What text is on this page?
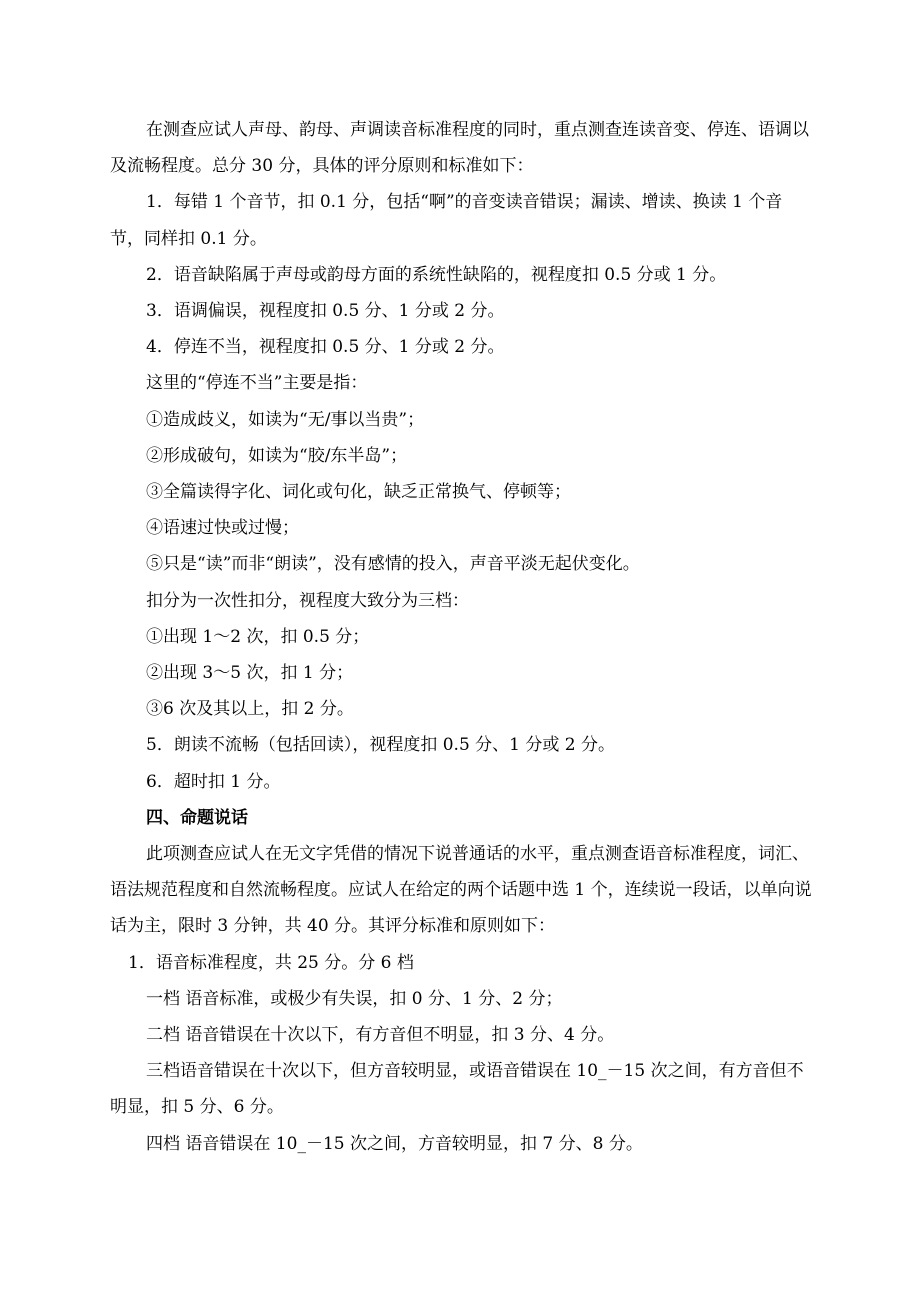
在测查应试人声母、韵母、声调读音标准程度的同时，重点测查连读音变、停连、语调以及流畅程度。总分 30 分，具体的评分原则和标准如下：

1．每错 1 个音节，扣 0.1 分，包括“啊”的音变读音错误；漏读、增读、换读 1 个音节，同样扣 0.1 分。

2．语音缺陷属于声母或韵母方面的系统性缺陷的，视程度扣 0.5 分或 1 分。

3．语调偏误，视程度扣 0.5 分、1 分或 2 分。

4．停连不当，视程度扣 0.5 分、1 分或 2 分。

这里的“停连不当”主要是指：

①造成歧义，如读为“无/事以当贵”；

②形成破句，如读为“胶/东半岛”；

③全篇读得字化、词化或句化，缺乏正常换气、停顿等；

④语速过快或过慢；

⑤只是“读”而非“朗读”，没有感情的投入，声音平淡无起伏变化。

扣分为一次性扣分，视程度大致分为三档：

①出现 1～2 次，扣 0.5 分；

②出现 3～5 次，扣 1 分；

③6 次及其以上，扣 2 分。

5．朗读不流畅（包括回读），视程度扣 0.5 分、1 分或 2 分。

6．超时扣 1 分。

四、命题说话

此项测查应试人在无文字凭借的情况下说普通话的水平，重点测查语音标准程度，词汇、语法规范程度和自然流畅程度。应试人在给定的两个话题中选 1 个，连续说一段话，以单向说话为主，限时 3 分钟，共 40 分。其评分标准和原则如下：

1．语音标准程度，共 25 分。分 6 档

一档 语音标准，或极少有失误，扣 0 分、1 分、2 分；

二档 语音错误在十次以下，有方音但不明显，扣 3 分、4 分。

三档语音错误在十次以下，但方音较明显，或语音错误在 10_－15 次之间，有方音但不明显，扣 5 分、6 分。

四档 语音错误在 10_－15 次之间，方音较明显，扣 7 分、8 分。
